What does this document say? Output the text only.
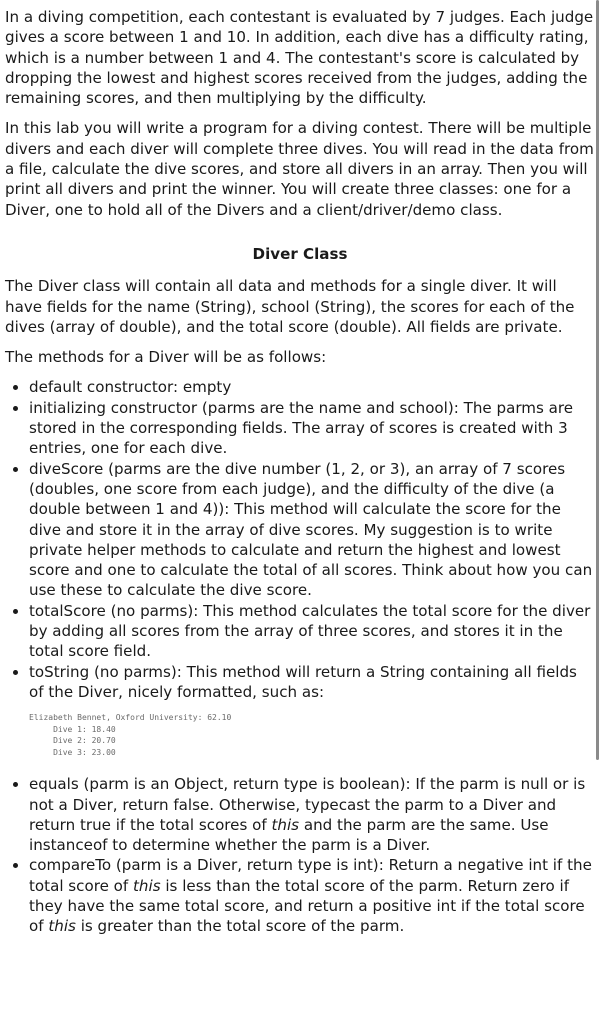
In a diving competition, each contestant is evaluated by 7 judges. Each judge gives a score between 1 and 10. In addition, each dive has a difficulty rating, which is a number between 1 and 4. The contestant's score is calculated by dropping the lowest and highest scores received from the judges, adding the remaining scores, and then multiplying by the difficulty.

In this lab you will write a program for a diving contest. There will be multiple divers and each diver will complete three dives. You will read in the data from a file, calculate the dive scores, and store all divers in an array. Then you will print all divers and print the winner. You will create three classes: one for a Diver, one to hold all of the Divers and a client/driver/demo class.

Diver Class

The Diver class will contain all data and methods for a single diver. It will have fields for the name (String), school (String), the scores for each of the dives (array of double), and the total score (double). All fields are private.

The methods for a Diver will be as follows:

• default constructor: empty
• initializing constructor (parms are the name and school): The parms are stored in the corresponding fields. The array of scores is created with 3 entries, one for each dive.
• diveScore (parms are the dive number (1, 2, or 3), an array of 7 scores (doubles, one score from each judge), and the difficulty of the dive (a double between 1 and 4)): This method will calculate the score for the dive and store it in the array of dive scores. My suggestion is to write private helper methods to calculate and return the highest and lowest score and one to calculate the total of all scores. Think about how you can use these to calculate the dive score.
• totalScore (no parms): This method calculates the total score for the diver by adding all scores from the array of three scores, and stores it in the total score field.
• toString (no parms): This method will return a String containing all fields of the Diver, nicely formatted, such as:
Elizabeth Bennet, Oxford University: 62.10
Dive 1: 18.40
Dive 2: 20.70
Dive 3: 23.00
• equals (parm is an Object, return type is boolean): If the parm is null or is not a Diver, return false. Otherwise, typecast the parm to a Diver and return true if the total scores of this and the parm are the same. Use instanceof to determine whether the parm is a Diver.
• compareTo (parm is a Diver, return type is int): Return a negative int if the total score of this is less than the total score of the parm. Return zero if they have the same total score, and return a positive int if the total score of this is greater than the total score of the parm.
